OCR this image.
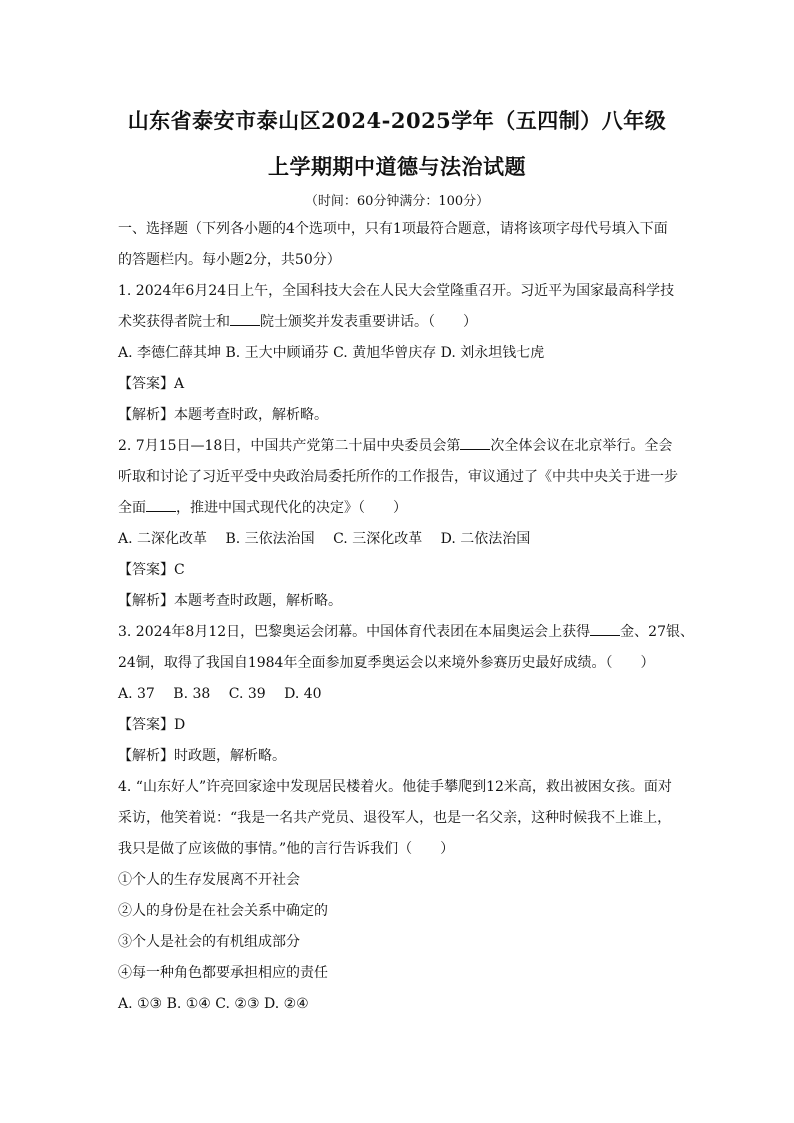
山东省泰安市泰山区2024-2025学年（五四制）八年级
上学期期中道德与法治试题
（时间：60分钟满分：100分）
一、选择题（下列各小题的4个选项中，只有1项最符合题意，请将该项字母代号填入下面
的答题栏内。每小题2分，共50分）
1. 2024年6月24日上午，全国科技大会在人民大会堂隆重召开。习近平为国家最高科学技
术奖获得者院士和 院士颁奖并发表重要讲话。（　　）
A. 李德仁薛其坤 B. 王大中顾诵芬 C. 黄旭华曾庆存 D. 刘永坦钱七虎
【答案】A
【解析】本题考查时政，解析略。
2. 7月15日—18日，中国共产党第二十届中央委员会第 次全体会议在北京举行。全会
听取和讨论了习近平受中央政治局委托所作的工作报告，审议通过了《中共中央关于进一步
全面 ，推进中国式现代化的决定》（　　）
A. 二深化改革　 B. 三依法治国　 C. 三深化改革　 D. 二依法治国
【答案】C
【解析】本题考查时政题，解析略。
3. 2024年8月12日，巴黎奥运会闭幕。中国体育代表团在本届奥运会上获得 金、27银、
24铜，取得了我国自1984年全面参加夏季奥运会以来境外参赛历史最好成绩。（　　）
A. 37　 B. 38　 C. 39　 D. 40
【答案】D
【解析】时政题，解析略。
4. “山东好人”许亮回家途中发现居民楼着火。他徒手攀爬到12米高，救出被困女孩。面对
采访，他笑着说：“我是一名共产党员、退役军人，也是一名父亲，这种时候我不上谁上，
我只是做了应该做的事情。”他的言行告诉我们（　　）
①个人的生存发展离不开社会
②人的身份是在社会关系中确定的
③个人是社会的有机组成部分
④每一种角色都要承担相应的责任
A. ①③ B. ①④ C. ②③ D. ②④
